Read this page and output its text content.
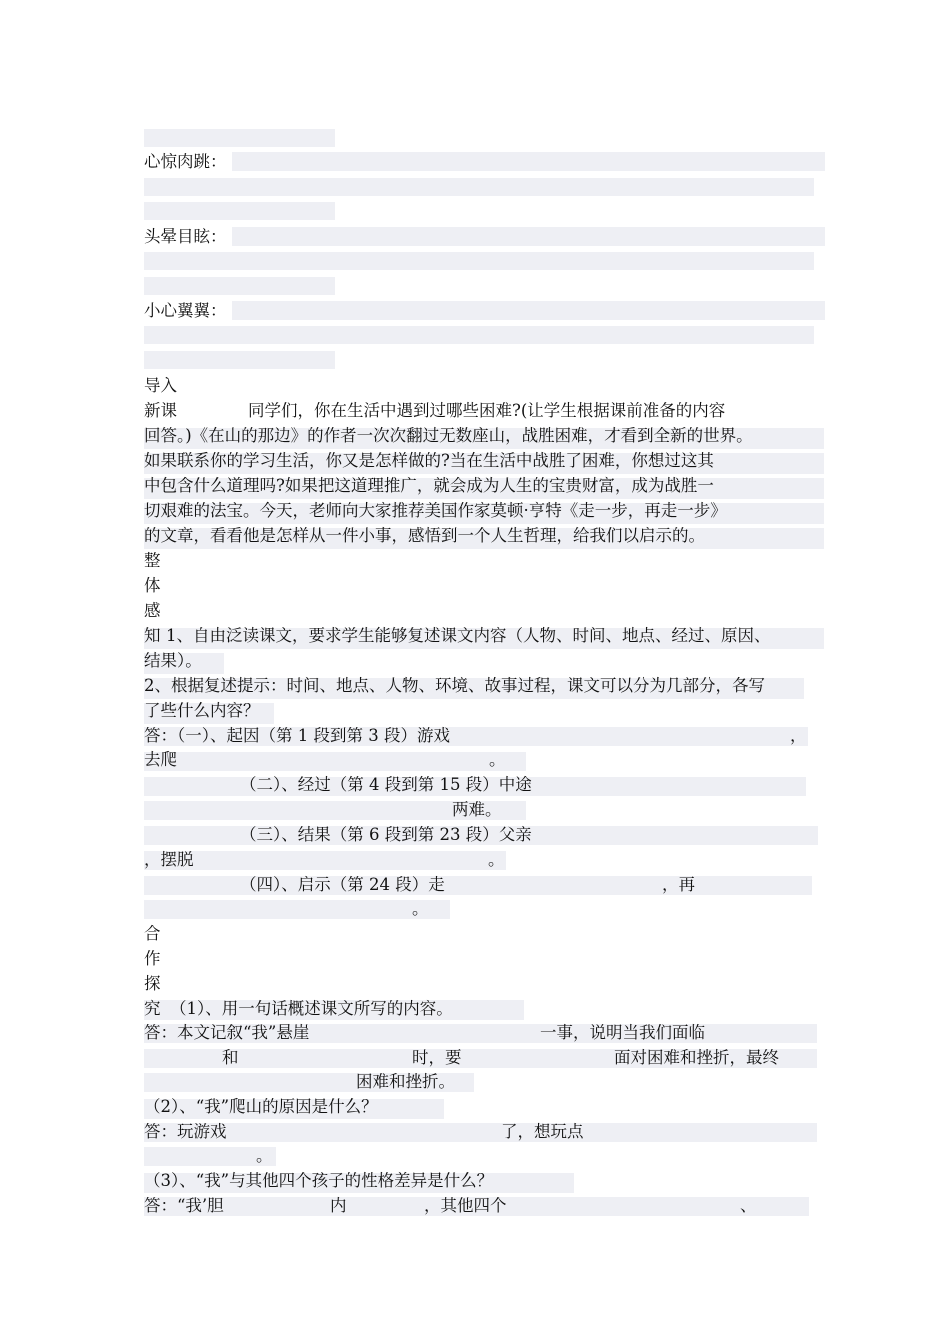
心惊肉跳：
头晕目眩：
小心翼翼：
导入
新课	同学们，你在生活中遇到过哪些困难?(让学生根据课前准备的内容
回答。)《在山的那边》的作者一次次翻过无数座山，战胜困难，才看到全新的世界。
如果联系你的学习生活，你又是怎样做的?当在生活中战胜了困难，你想过这其
中包含什么道理吗?如果把这道理推广，就会成为人生的宝贵财富，成为战胜一
切艰难的法宝。今天，老师向大家推荐美国作家莫顿·亨特《走一步，再走一步》
的文章，看看他是怎样从一件小事，感悟到一个人生哲理，给我们以启示的。
整
体
感
知 1、自由泛读课文，要求学生能够复述课文内容（人物、时间、地点、经过、原因、
结果）。
2、根据复述提示：时间、地点、人物、环境、故事过程，课文可以分为几部分，各写
了些什么内容？
答：（一）、起因（第 1 段到第 3 段）游戏	，
去爬	。
（二）、经过（第 4 段到第 15 段）中途
两难。
（三）、结果（第 6 段到第 23 段）父亲
，摆脱	。
（四）、启示（第 24 段）走	，再
。
合
作
探
究 （1）、用一句话概述课文所写的内容。
答：本文记叙“我”悬崖	一事，说明当我们面临
和	时，要	面对困难和挫折，最终
困难和挫折。
（2）、“我”爬山的原因是什么？
答：玩游戏	了，想玩点
。
（3）、“我”与其他四个孩子的性格差异是什么？
答：“我’胆	内	，其他四个	、
